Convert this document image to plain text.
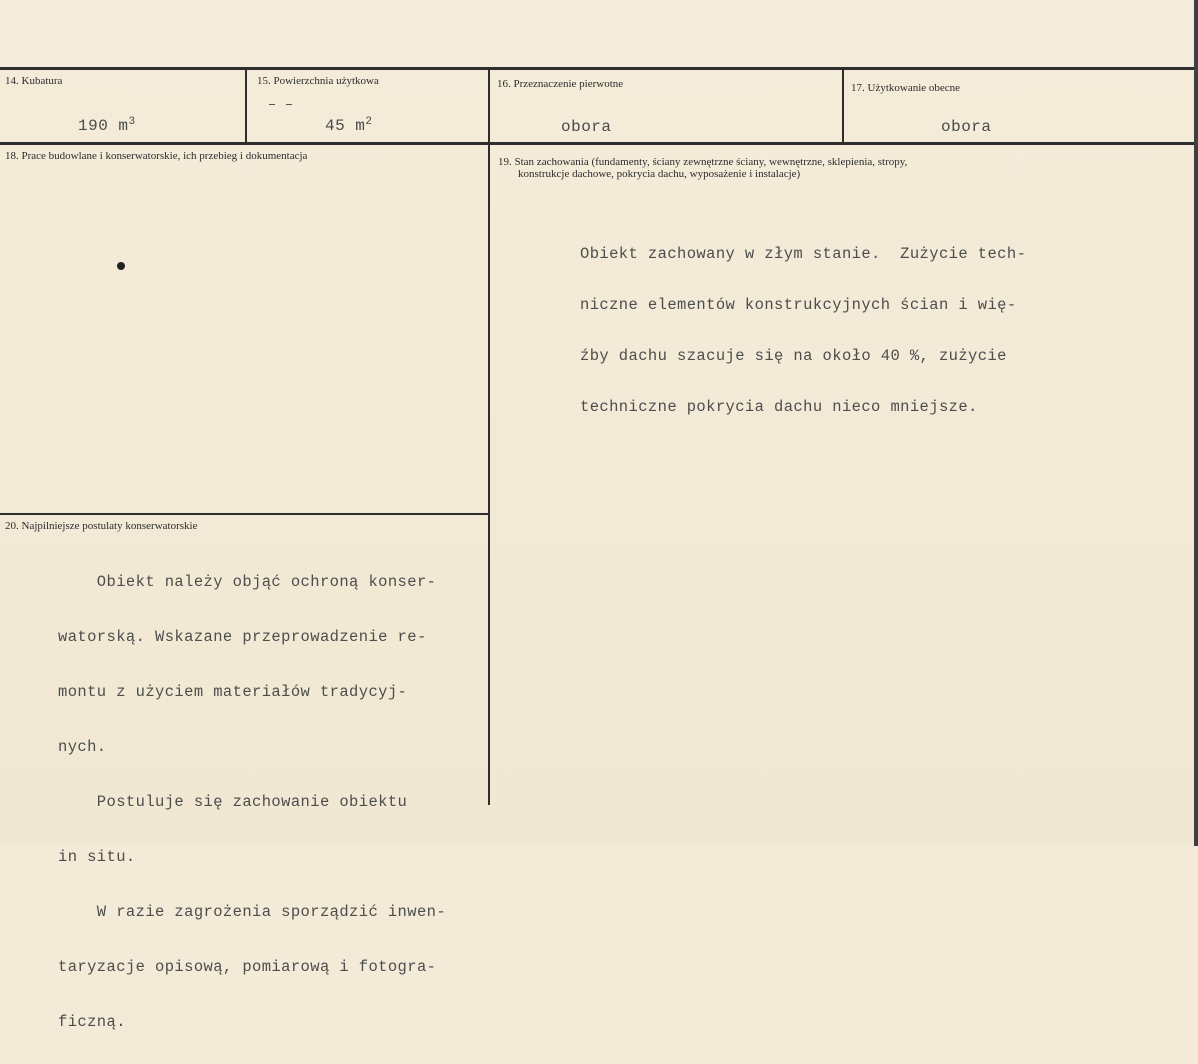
14. Kubatura
190 $m^3$
15. Powierzchnia użytkowa
45 $m^2$
16. Przeznaczenie pierwotne
obora
17. Użytkowanie obecne
obora
18. Prace budowlane i konserwatorskie, ich przebieg i dokumentacja	19. Stan zachowania (fundamenty, ściany zewnętrzne ściany, wewnętrzne, sklepienia, stropy,
konstrukcje dachowe, pokrycia dachu, wyposażenie i instalacje)

Obiekt zachowany w złym stanie.  Zużycie tech-

niczne elementów konstrukcyjnych ścian i wię-

źby dachu szacuje się na około 40 %, zużycie

techniczne pokrycia dachu nieco mniejsze.

20. Najpilniejsze postulaty konserwatorskie

Obiekt należy objąć ochroną konser-

watorską. Wskazane przeprowadzenie re-

montu z użyciem materiałów tradycyj-

nych.

Postuluje się zachowanie obiektu

in situ.

W razie zagrożenia sporządzić inwen-

taryzacje opisową, pomiarową i fotogra-

ficzną.
